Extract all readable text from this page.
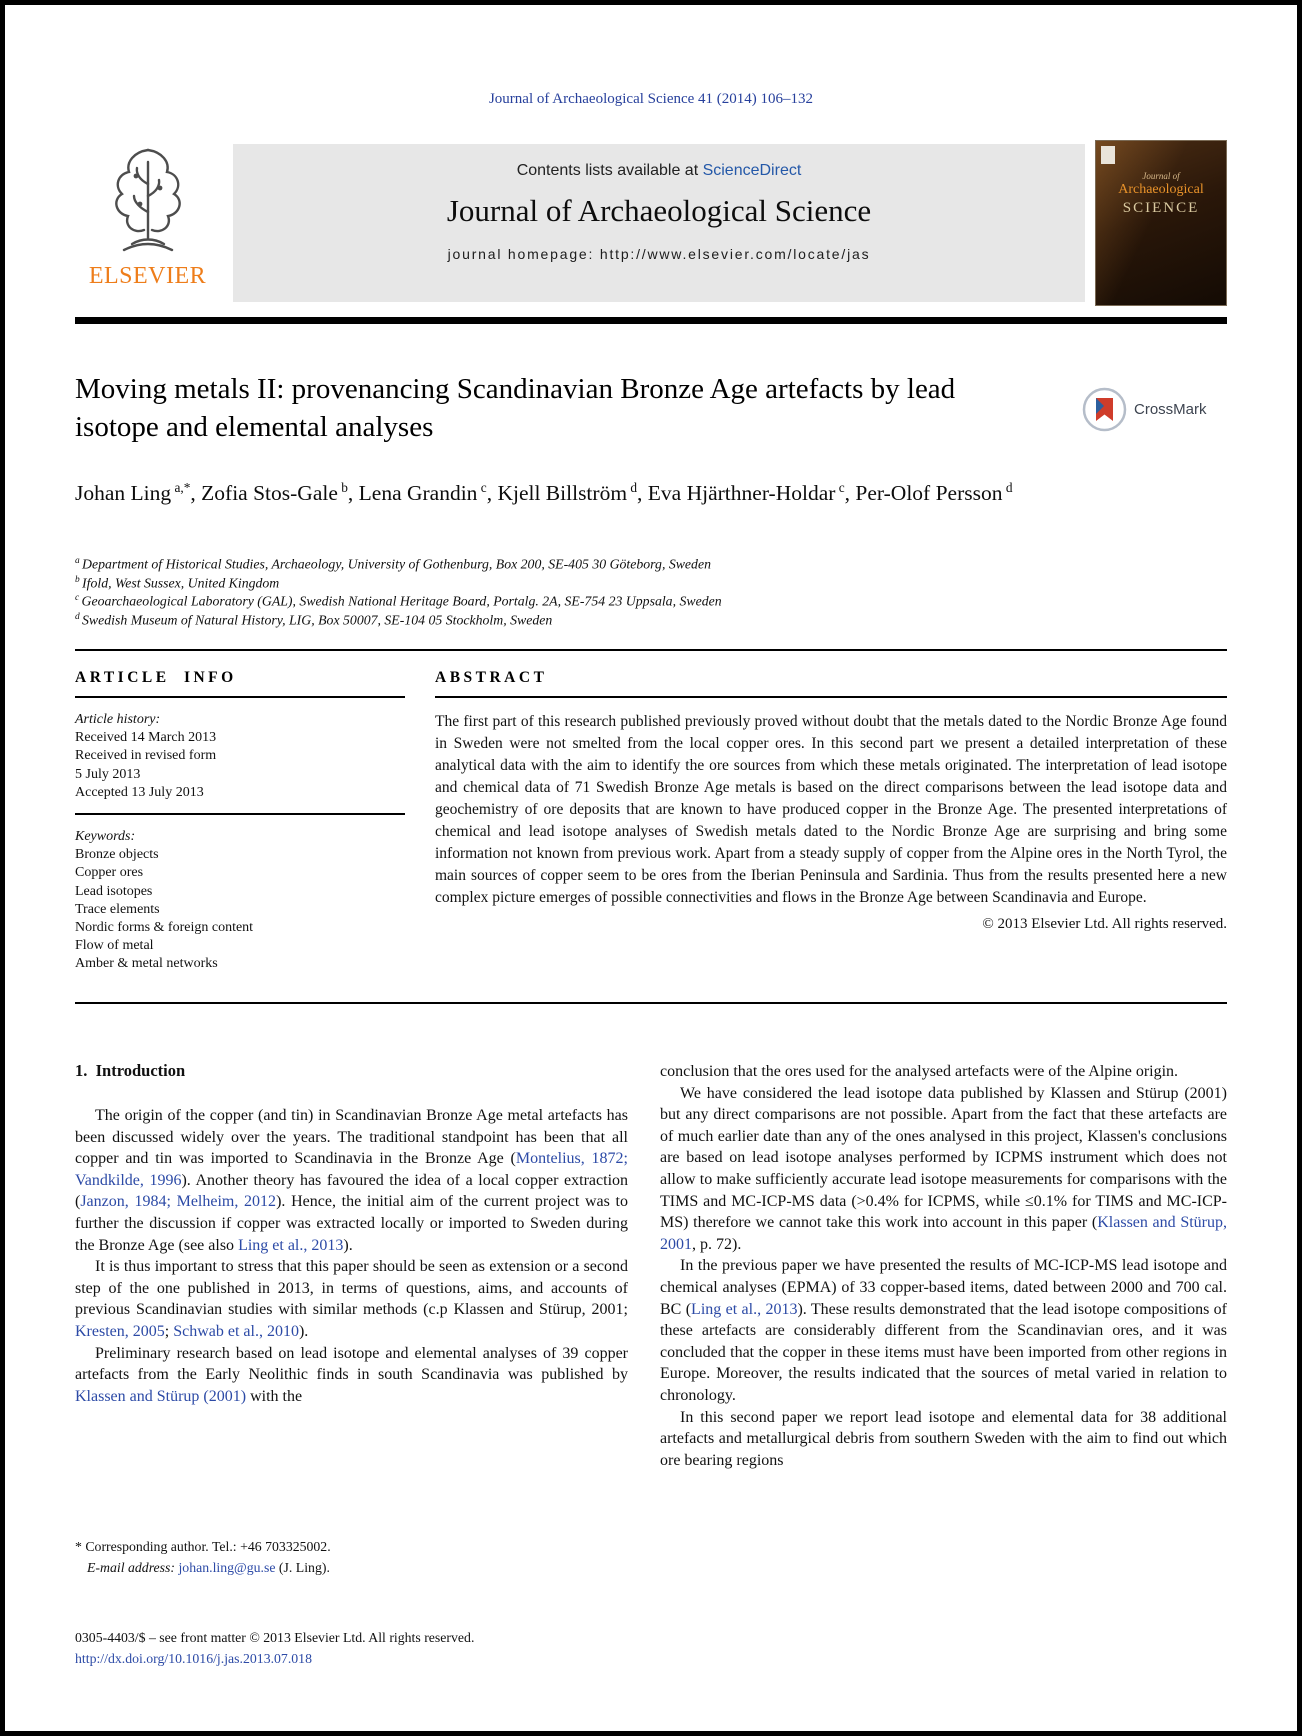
Journal of Archaeological Science 41 (2014) 106–132
ELSEVIER
Contents lists available at ScienceDirect
Journal of Archaeological Science
journal homepage: http://www.elsevier.com/locate/jas
Journal of
Archaeological
SCIENCE
Moving metals II: provenancing Scandinavian Bronze Age artefacts by lead isotope and elemental analyses
CrossMark
Johan Ling $^{a,*}$, Zofia Stos-Gale $^b$, Lena Grandin $^c$, Kjell Billström $^d$, Eva Hjärthner-Holdar $^c$, Per-Olof Persson $^d$
$^a$ Department of Historical Studies, Archaeology, University of Gothenburg, Box 200, SE-405 30 Göteborg, Sweden
$^b$ Ifold, West Sussex, United Kingdom
$^c$ Geoarchaeological Laboratory (GAL), Swedish National Heritage Board, Portalg. 2A, SE-754 23 Uppsala, Sweden
$^d$ Swedish Museum of Natural History, LIG, Box 50007, SE-104 05 Stockholm, Sweden
ARTICLE INFO
Article history:
Received 14 March 2013
Received in revised form
5 July 2013
Accepted 13 July 2013
Keywords:
Bronze objects
Copper ores
Lead isotopes
Trace elements
Nordic forms & foreign content
Flow of metal
Amber & metal networks
ABSTRACT

The first part of this research published previously proved without doubt that the metals dated to the Nordic Bronze Age found in Sweden were not smelted from the local copper ores. In this second part we present a detailed interpretation of these analytical data with the aim to identify the ore sources from which these metals originated. The interpretation of lead isotope and chemical data of 71 Swedish Bronze Age metals is based on the direct comparisons between the lead isotope data and geochemistry of ore deposits that are known to have produced copper in the Bronze Age. The presented interpretations of chemical and lead isotope analyses of Swedish metals dated to the Nordic Bronze Age are surprising and bring some information not known from previous work. Apart from a steady supply of copper from the Alpine ores in the North Tyrol, the main sources of copper seem to be ores from the Iberian Peninsula and Sardinia. Thus from the results presented here a new complex picture emerges of possible connectivities and flows in the Bronze Age between Scandinavia and Europe.

© 2013 Elsevier Ltd. All rights reserved.
1.  Introduction

The origin of the copper (and tin) in Scandinavian Bronze Age metal artefacts has been discussed widely over the years. The traditional standpoint has been that all copper and tin was imported to Scandinavia in the Bronze Age (Montelius, 1872; Vandkilde, 1996). Another theory has favoured the idea of a local copper extraction (Janzon, 1984; Melheim, 2012). Hence, the initial aim of the current project was to further the discussion if copper was extracted locally or imported to Sweden during the Bronze Age (see also Ling et al., 2013).

It is thus important to stress that this paper should be seen as extension or a second step of the one published in 2013, in terms of questions, aims, and accounts of previous Scandinavian studies with similar methods (c.p Klassen and Stürup, 2001; Kresten, 2005; Schwab et al., 2010).

Preliminary research based on lead isotope and elemental analyses of 39 copper artefacts from the Early Neolithic finds in south Scandinavia was published by Klassen and Stürup (2001) with the

conclusion that the ores used for the analysed artefacts were of the Alpine origin.

We have considered the lead isotope data published by Klassen and Stürup (2001) but any direct comparisons are not possible. Apart from the fact that these artefacts are of much earlier date than any of the ones analysed in this project, Klassen's conclusions are based on lead isotope analyses performed by ICPMS instrument which does not allow to make sufficiently accurate lead isotope measurements for comparisons with the TIMS and MC-ICP-MS data (>0.4% for ICPMS, while ≤0.1% for TIMS and MC-ICP-MS) therefore we cannot take this work into account in this paper (Klassen and Stürup, 2001, p. 72).

In the previous paper we have presented the results of MC-ICP-MS lead isotope and chemical analyses (EPMA) of 33 copper-based items, dated between 2000 and 700 cal. BC (Ling et al., 2013). These results demonstrated that the lead isotope compositions of these artefacts are considerably different from the Scandinavian ores, and it was concluded that the copper in these items must have been imported from other regions in Europe. Moreover, the results indicated that the sources of metal varied in relation to chronology.

In this second paper we report lead isotope and elemental data for 38 additional artefacts and metallurgical debris from southern Sweden with the aim to find out which ore bearing regions

* Corresponding author. Tel.: +46 703325002.
E-mail address: johan.ling@gu.se (J. Ling).
0305-4403/$ – see front matter © 2013 Elsevier Ltd. All rights reserved.
http://dx.doi.org/10.1016/j.jas.2013.07.018
